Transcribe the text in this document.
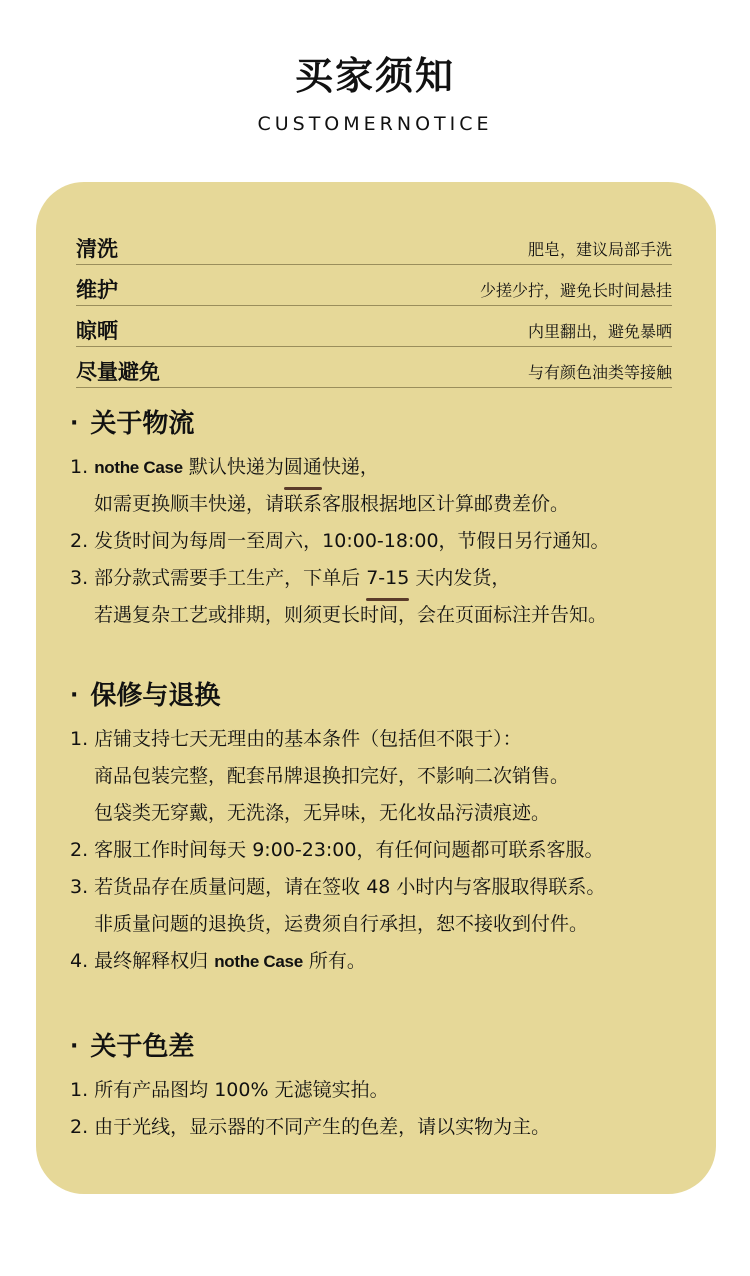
买家须知
CUSTOMERNOTICE
清洗	肥皂，建议局部手洗
维护	少搓少拧，避免长时间悬挂
晾晒	内里翻出，避免暴晒
尽量避免	与有颜色油类等接触
· 关于物流
1. nothe Case 默认快递为圆通快递，
如需更换顺丰快递，请联系客服根据地区计算邮费差价。
2. 发货时间为每周一至周六，10:00-18:00，节假日另行通知。
3. 部分款式需要手工生产，下单后 7-15 天内发货，
若遇复杂工艺或排期，则须更长时间，会在页面标注并告知。
· 保修与退换
1. 店铺支持七天无理由的基本条件（包括但不限于）：
商品包装完整，配套吊牌退换扣完好，不影响二次销售。
包袋类无穿戴，无洗涤，无异味，无化妆品污渍痕迹。
2. 客服工作时间每天 9:00-23:00，有任何问题都可联系客服。
3. 若货品存在质量问题，请在签收 48 小时内与客服取得联系。
非质量问题的退换货，运费须自行承担，恕不接收到付件。
4. 最终解释权归 nothe Case 所有。
· 关于色差
1. 所有产品图均 100% 无滤镜实拍。
2. 由于光线，显示器的不同产生的色差，请以实物为主。
